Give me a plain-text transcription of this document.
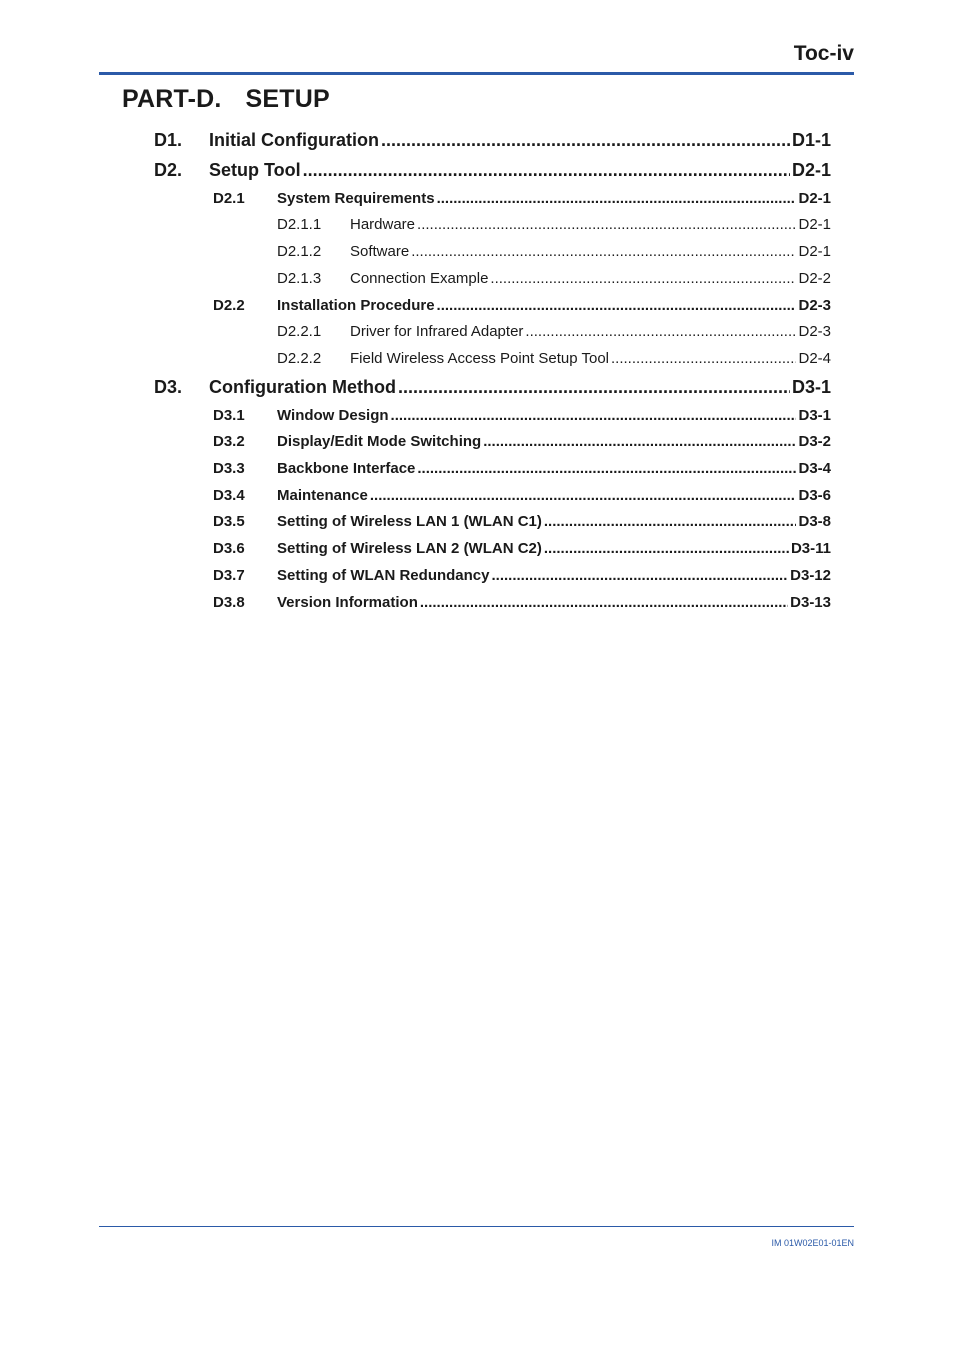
Toc-iv
PART-D. SETUP
D1. Initial Configuration .....	D1-1
D2. Setup Tool .....	D2-1
D2.1 System Requirements .....	D2-1
D2.1.1 Hardware .....	D2-1
D2.1.2 Software .....	D2-1
D2.1.3 Connection Example .....	D2-2
D2.2 Installation Procedure .....	D2-3
D2.2.1 Driver for Infrared Adapter .....	D2-3
D2.2.2 Field Wireless Access Point Setup Tool .....	D2-4
D3. Configuration Method .....	D3-1
D3.1 Window Design .....	D3-1
D3.2 Display/Edit Mode Switching .....	D3-2
D3.3 Backbone Interface .....	D3-4
D3.4 Maintenance .....	D3-6
D3.5 Setting of Wireless LAN 1 (WLAN C1) .....	D3-8
D3.6 Setting of Wireless LAN 2 (WLAN C2) .....	D3-11
D3.7 Setting of WLAN Redundancy .....	D3-12
D3.8 Version Information .....	D3-13
IM 01W02E01-01EN
